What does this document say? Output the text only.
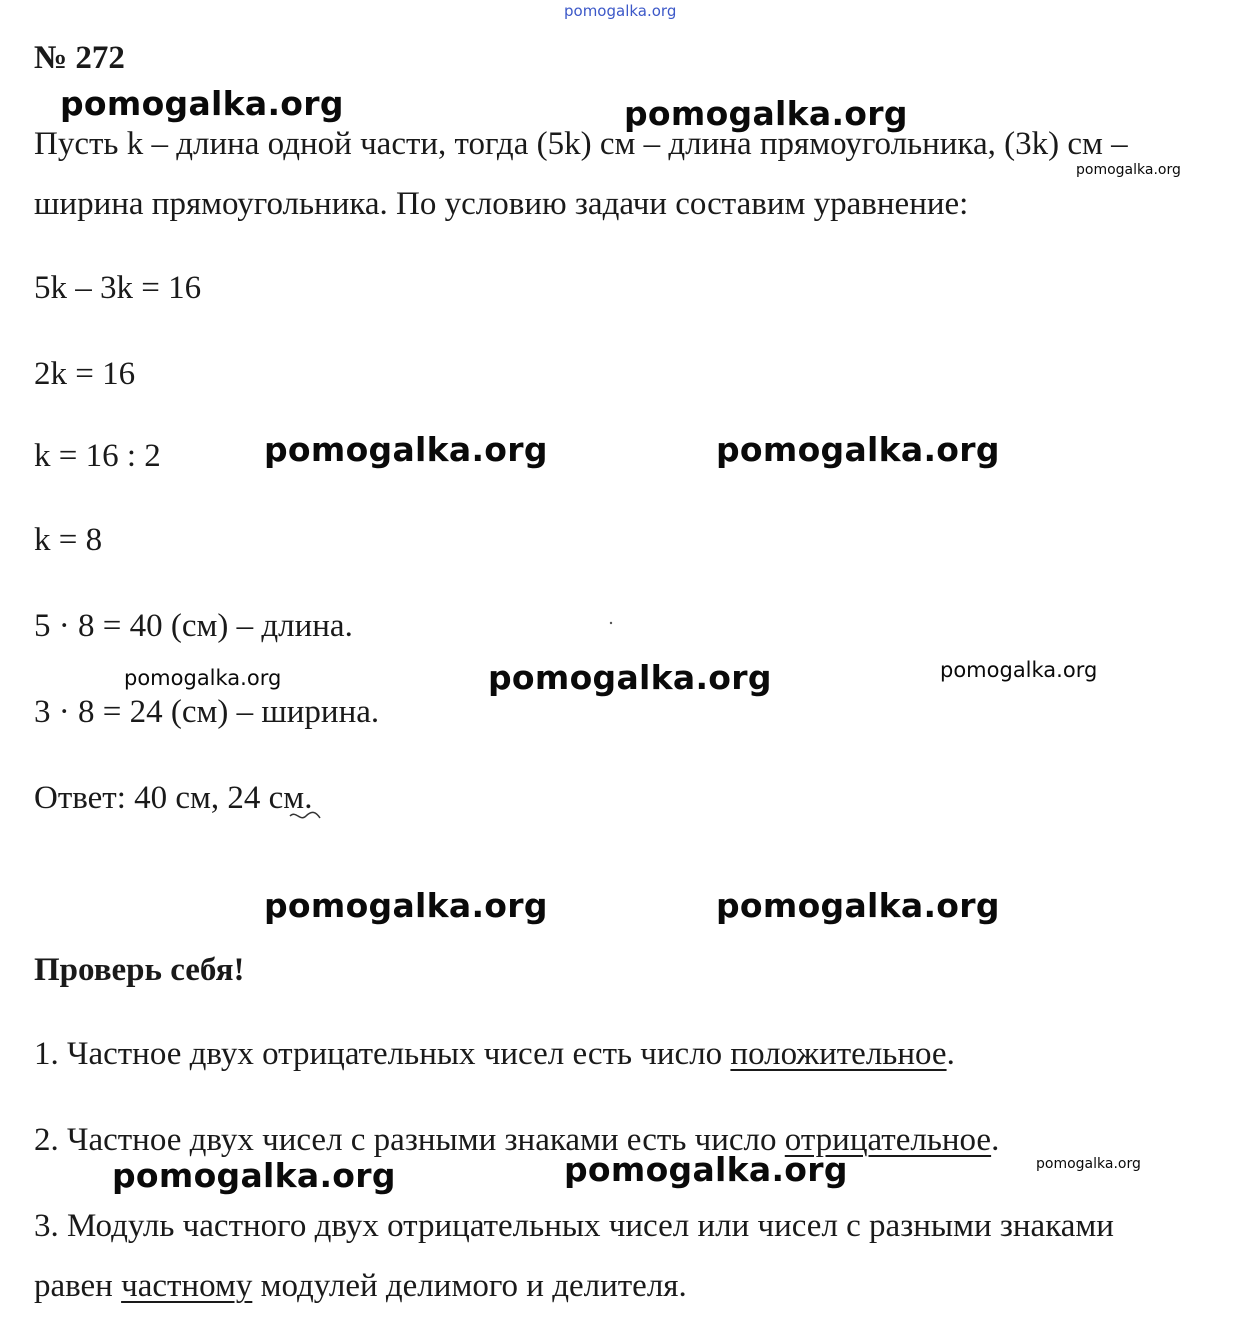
pomogalka.org
pomogalka.org	pomogalka.org
pomogalka.org
pomogalka.org	pomogalka.org
pomogalka.org	pomogalka.org	pomogalka.org
pomogalka.org	pomogalka.org
pomogalka.org	pomogalka.org	pomogalka.org

№ 272

Пусть k – длина одной части, тогда (5k) см – длина прямоугольника, (3k) см –

ширина прямоугольника. По условию задачи составим уравнение:

5k – 3k = 16

2k = 16

k = 16 : 2

k = 8

5 · 8 = 40 (см) – длина.

3 · 8 = 24 (см) – ширина.

Ответ: 40 см, 24 см.

Проверь себя!

1. Частное двух отрицательных чисел есть число положительное.

2. Частное двух чисел с разными знаками есть число отрицательное.

3. Модуль частного двух отрицательных чисел или чисел с разными знаками

равен частному модулей делимого и делителя.
